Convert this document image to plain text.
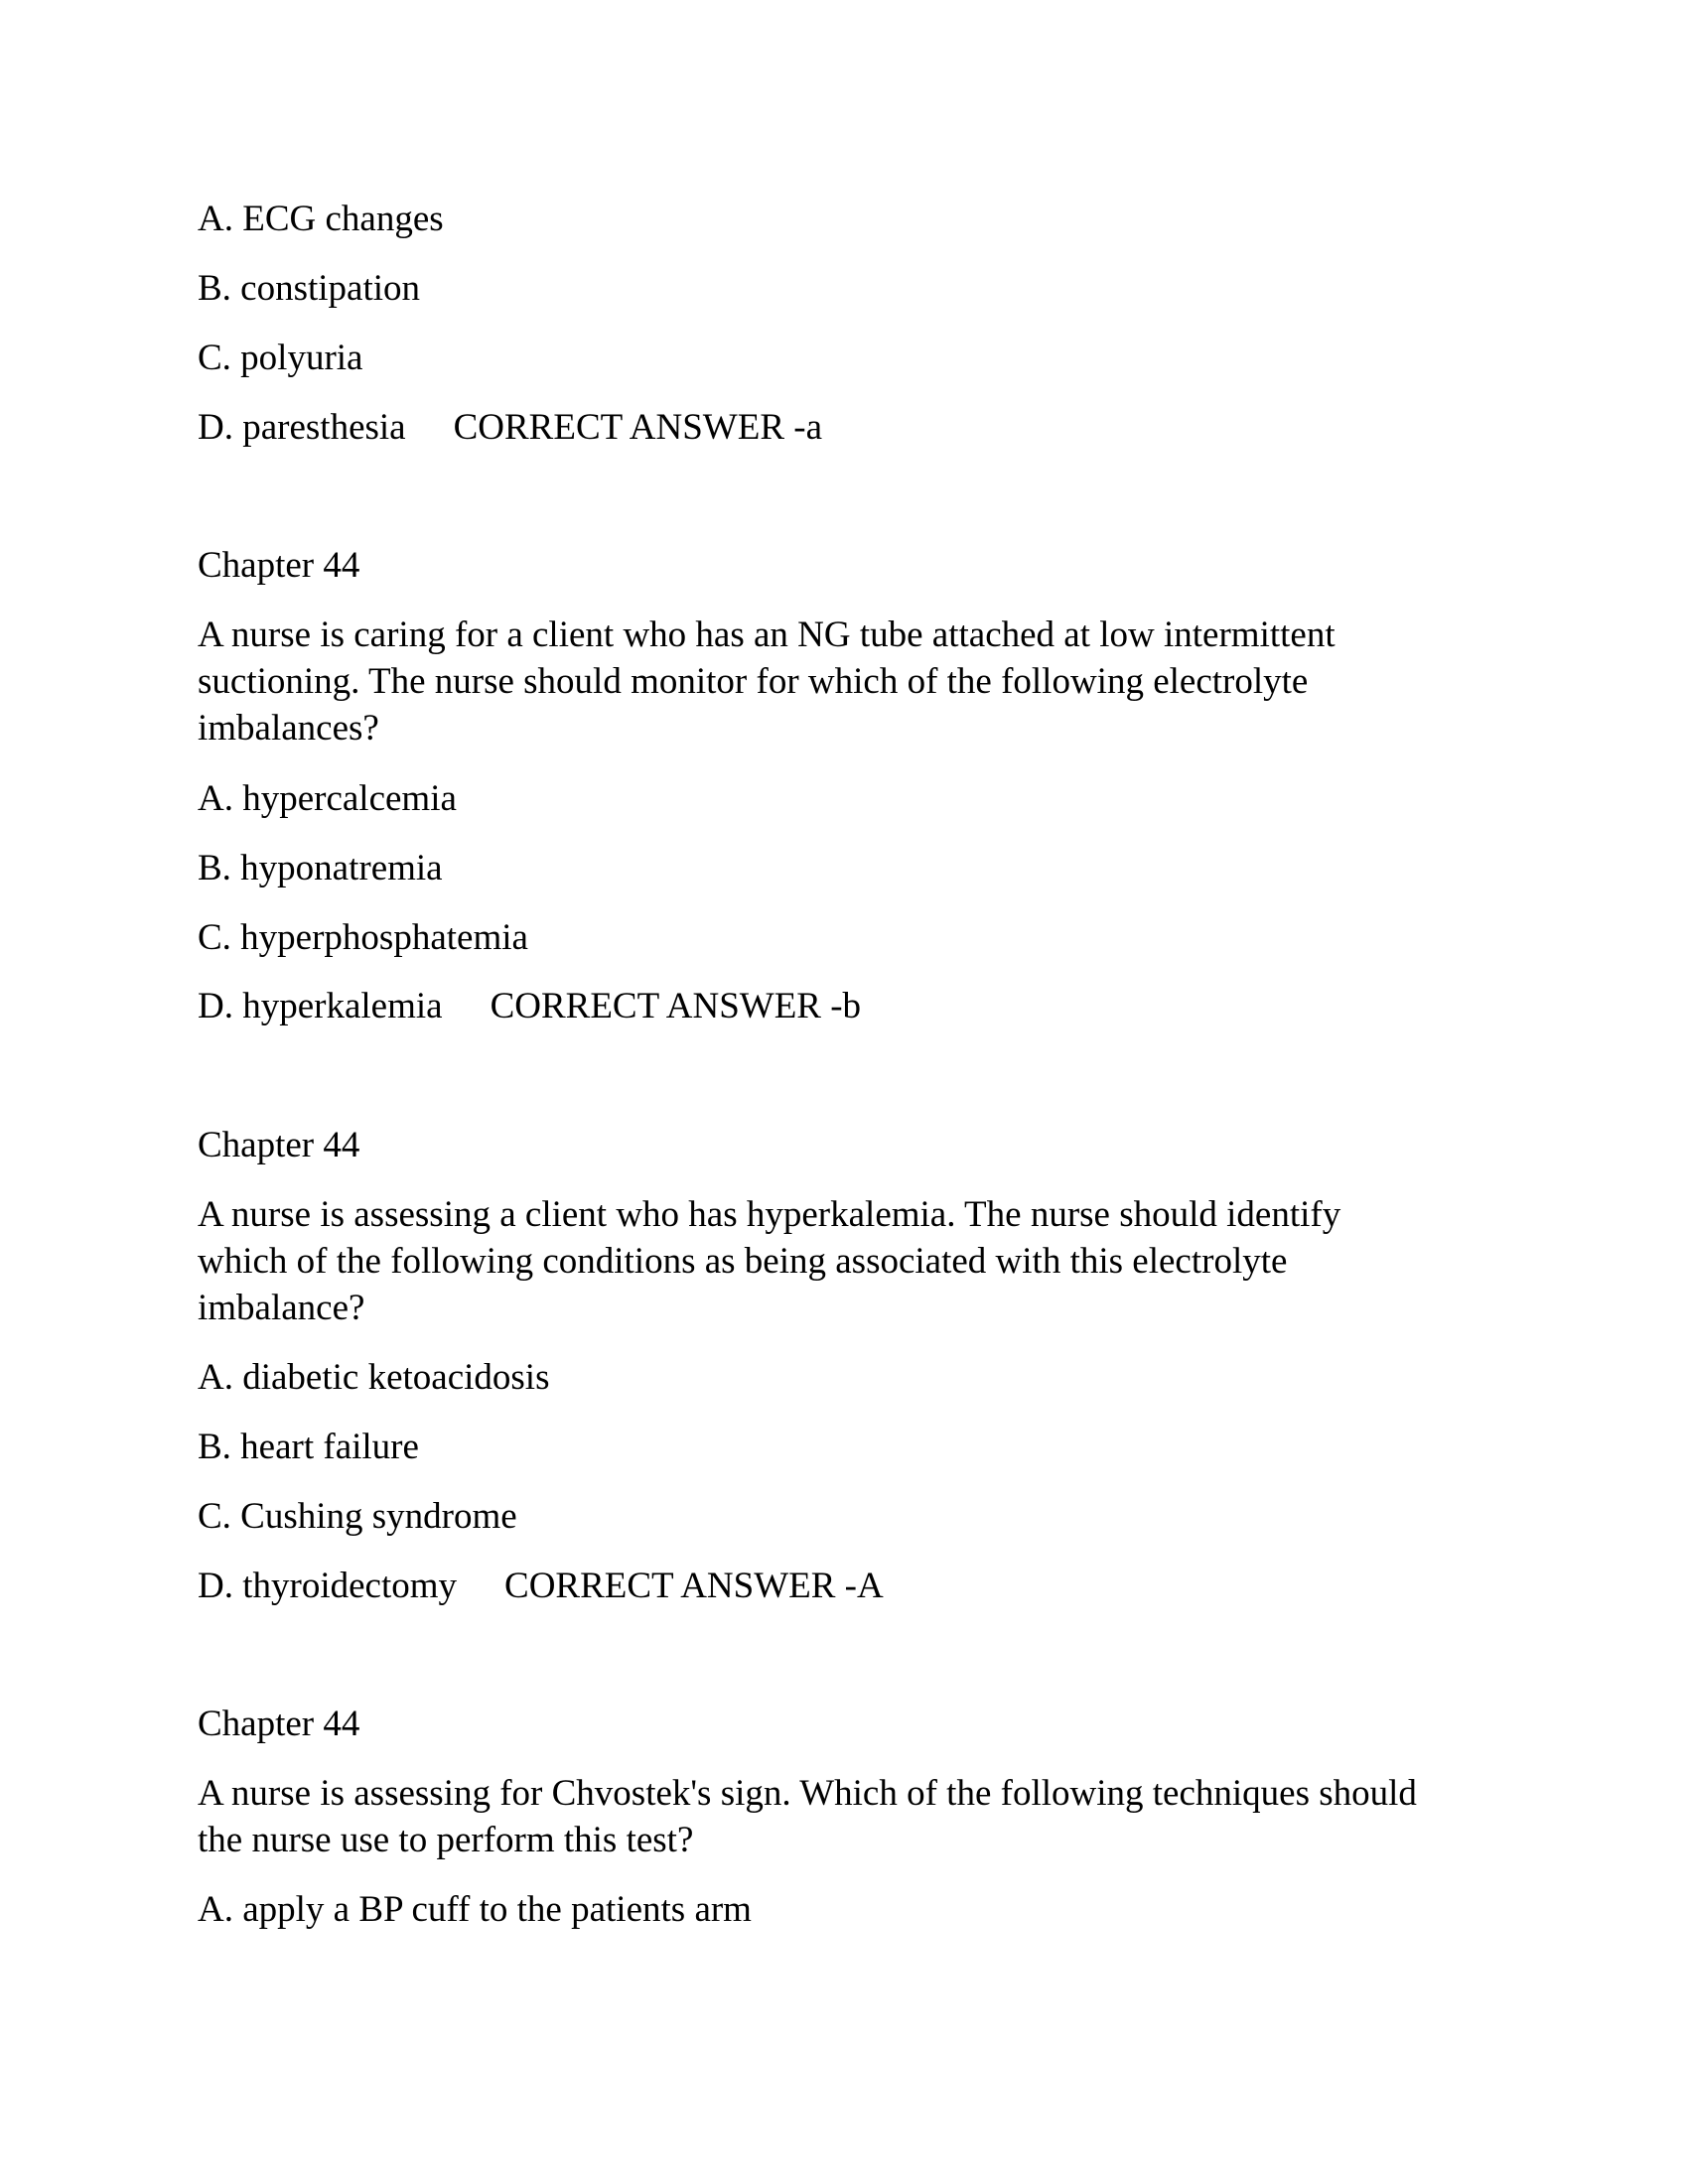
A. ECG changes
B. constipation
C. polyuria
D. paresthesia CORRECT ANSWER -a
Chapter 44
A nurse is caring for a client who has an NG tube attached at low intermittent
suctioning. The nurse should monitor for which of the following electrolyte
imbalances?
A. hypercalcemia
B. hyponatremia
C. hyperphosphatemia
D. hyperkalemia CORRECT ANSWER -b
Chapter 44
A nurse is assessing a client who has hyperkalemia. The nurse should identify
which of the following conditions as being associated with this electrolyte
imbalance?
A. diabetic ketoacidosis
B. heart failure
C. Cushing syndrome
D. thyroidectomy CORRECT ANSWER -A
Chapter 44
A nurse is assessing for Chvostek's sign. Which of the following techniques should
the nurse use to perform this test?
A. apply a BP cuff to the patients arm
